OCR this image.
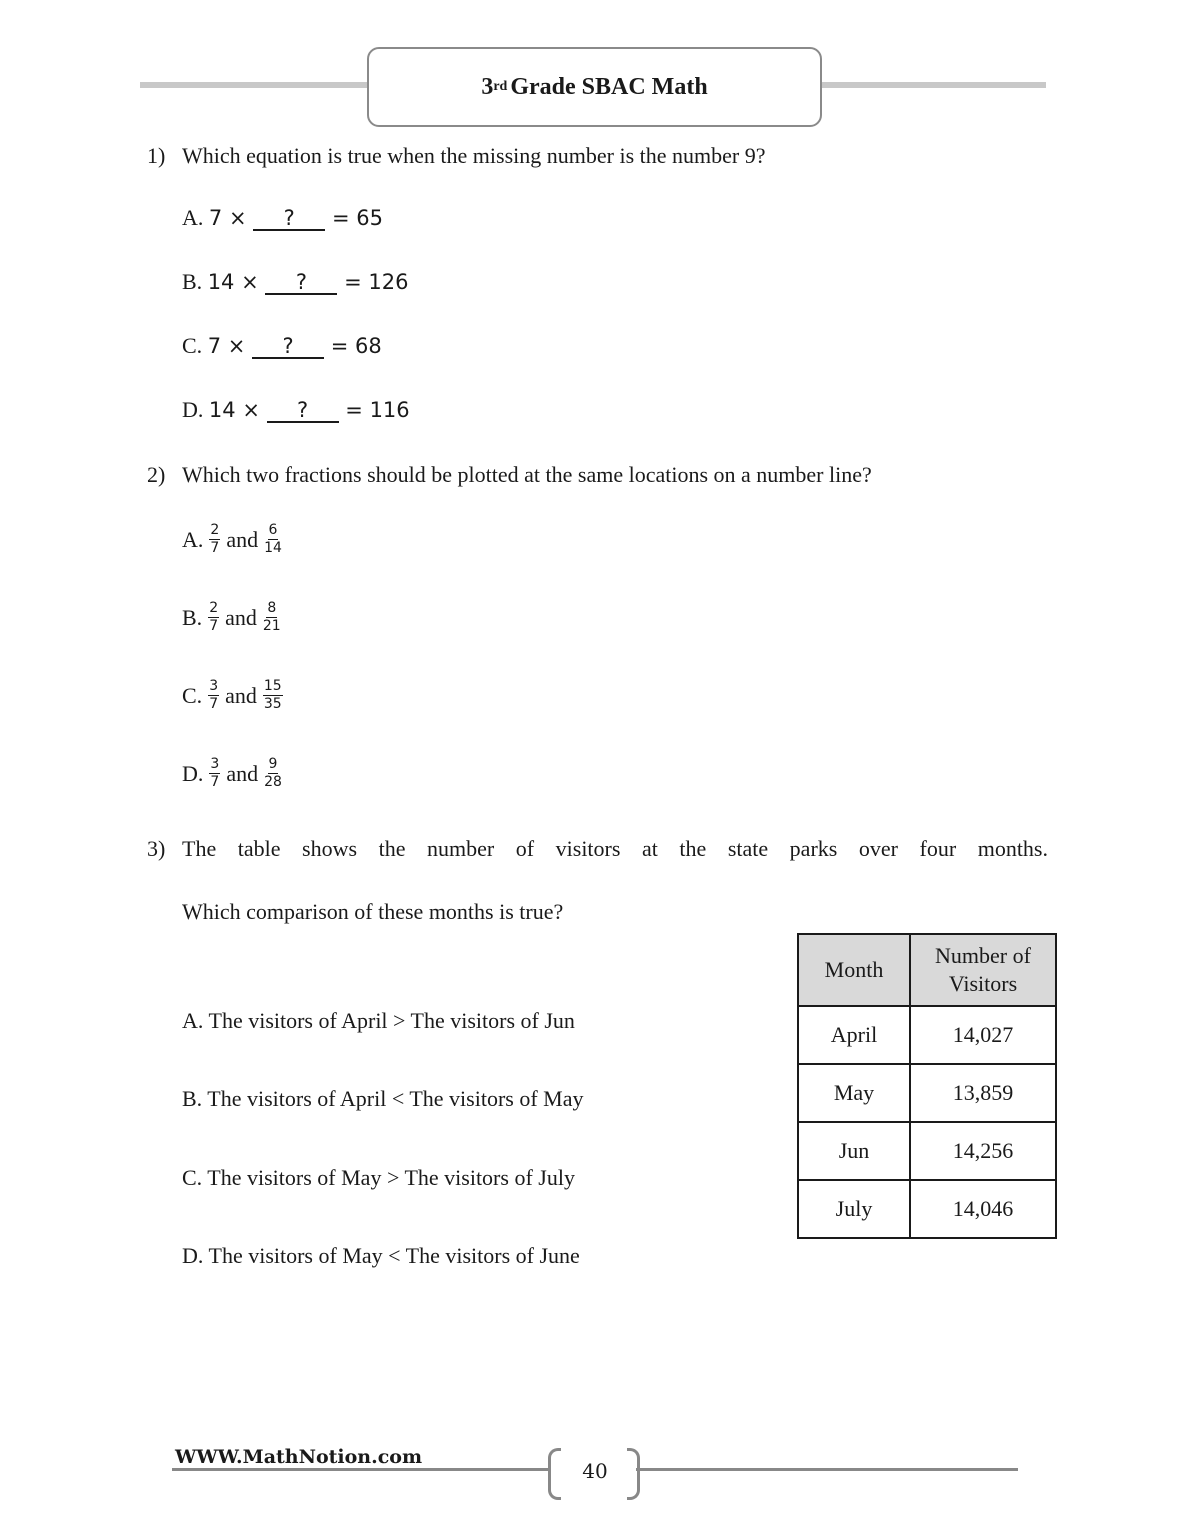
3 rd Grade SBAC Math
1) Which equation is true when the missing number is the number 9?
A. 7 × ? = 65
B. 14 × ? = 126
C. 7 × ? = 68
D. 14 × ? = 116
2) Which two fractions should be plotted at the same locations on a number line?
A. $\frac{2}{7}$ and $\frac{6}{14}$
B. $\frac{2}{7}$ and $\frac{8}{21}$
C. $\frac{3}{7}$ and $\frac{15}{35}$
D. $\frac{3}{7}$ and $\frac{9}{28}$
3) The table shows the number of visitors at the state parks over four months.
Which comparison of these months is true?
A. The visitors of April > The visitors of Jun
B. The visitors of April < The visitors of May
C. The visitors of May > The visitors of July
D. The visitors of May < The visitors of June
Month	Number of Visitors
April	14,027
May	13,859
Jun	14,256
July	14,046
WWW.MathNotion.com
40
